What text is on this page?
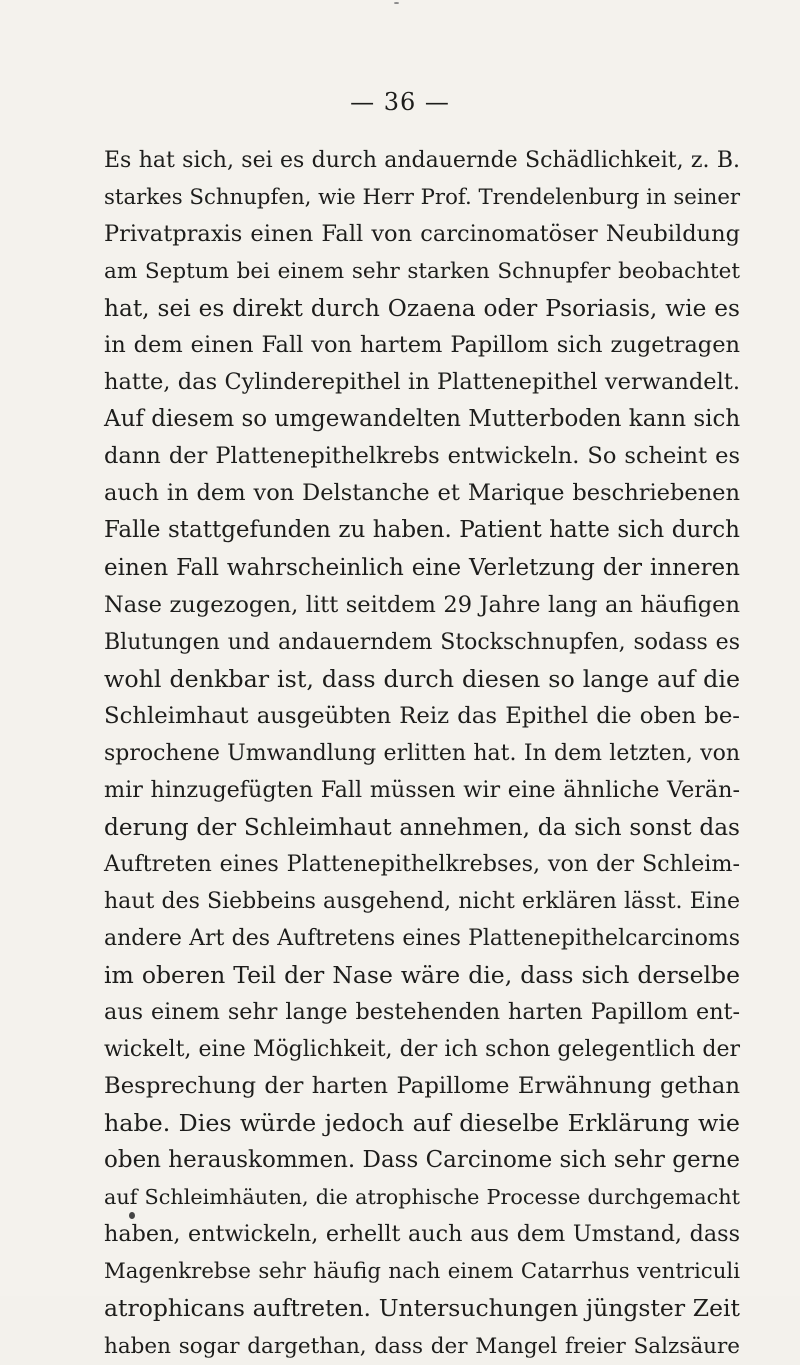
— 36 —
Es hat sich, sei es durch andauernde Schädlichkeit, z. B.
starkes Schnupfen, wie Herr Prof. Trendelenburg in seiner
Privatpraxis einen Fall von carcinomatöser Neubildung
am Septum bei einem sehr starken Schnupfer beobachtet
hat, sei es direkt durch Ozaena oder Psoriasis, wie es
in dem einen Fall von hartem Papillom sich zugetragen
hatte, das Cylinderepithel in Plattenepithel verwandelt.
Auf diesem so umgewandelten Mutterboden kann sich
dann der Plattenepithelkrebs entwickeln. So scheint es
auch in dem von Delstanche et Marique beschriebenen
Falle stattgefunden zu haben. Patient hatte sich durch
einen Fall wahrscheinlich eine Verletzung der inneren
Nase zugezogen, litt seitdem 29 Jahre lang an häufigen
Blutungen und andauerndem Stockschnupfen, sodass es
wohl denkbar ist, dass durch diesen so lange auf die
Schleimhaut ausgeübten Reiz das Epithel die oben be-
sprochene Umwandlung erlitten hat. In dem letzten, von
mir hinzugefügten Fall müssen wir eine ähnliche Verän-
derung der Schleimhaut annehmen, da sich sonst das
Auftreten eines Plattenepithelkrebses, von der Schleim-
haut des Siebbeins ausgehend, nicht erklären lässt. Eine
andere Art des Auftretens eines Plattenepithelcarcinoms
im oberen Teil der Nase wäre die, dass sich derselbe
aus einem sehr lange bestehenden harten Papillom ent-
wickelt, eine Möglichkeit, der ich schon gelegentlich der
Besprechung der harten Papillome Erwähnung gethan
habe. Dies würde jedoch auf dieselbe Erklärung wie
oben herauskommen. Dass Carcinome sich sehr gerne
auf Schleimhäuten, die atrophische Processe durchgemacht
haben, entwickeln, erhellt auch aus dem Umstand, dass
Magenkrebse sehr häufig nach einem Catarrhus ventriculi
atrophicans auftreten. Untersuchungen jüngster Zeit
haben sogar dargethan, dass der Mangel freier Salzsäure
